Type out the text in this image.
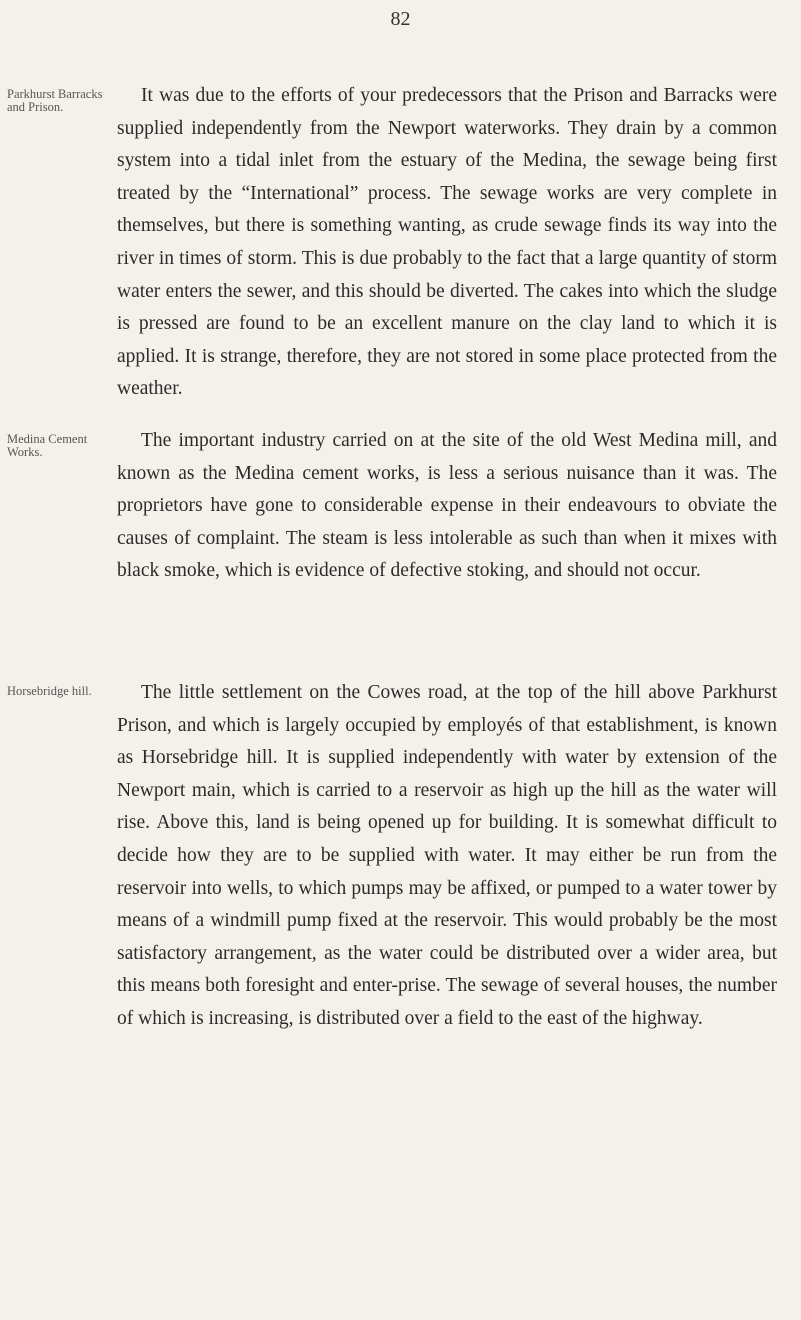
82
Parkhurst Barracks and Prison.

It was due to the efforts of your predecessors that the Prison and Barracks were supplied independently from the Newport waterworks. They drain by a common system into a tidal inlet from the estuary of the Medina, the sewage being first treated by the “International” process. The sewage works are very complete in themselves, but there is something wanting, as crude sewage finds its way into the river in times of storm. This is due probably to the fact that a large quantity of storm water enters the sewer, and this should be diverted. The cakes into which the sludge is pressed are found to be an excellent manure on the clay land to which it is applied. It is strange, therefore, they are not stored in some place protected from the weather.

Medina Cement Works.

The important industry carried on at the site of the old West Medina mill, and known as the Medina cement works, is less a serious nuisance than it was. The proprietors have gone to considerable expense in their endeavours to obviate the causes of complaint. The steam is less intolerable as such than when it mixes with black smoke, which is evidence of defective stoking, and should not occur.

Horsebridge hill.	The little settlement on the Cowes road, at the top of the hill above Parkhurst Prison, and which is largely occupied by employés of that establishment, is known as Horsebridge hill. It is supplied independently with water by extension of the Newport main, which is carried to a reservoir as high up the hill as the water will rise. Above this, land is being opened up for building. It is somewhat difficult to decide how they are to be supplied with water. It may either be run from the reservoir into wells, to which pumps may be affixed, or pumped to a water tower by means of a windmill pump fixed at the reservoir. This would probably be the most satisfactory arrangement, as the water could be distributed over a wider area, but this means both foresight and enter-prise. The sewage of several houses, the number of which is increasing, is distributed over a field to the east of the highway.
